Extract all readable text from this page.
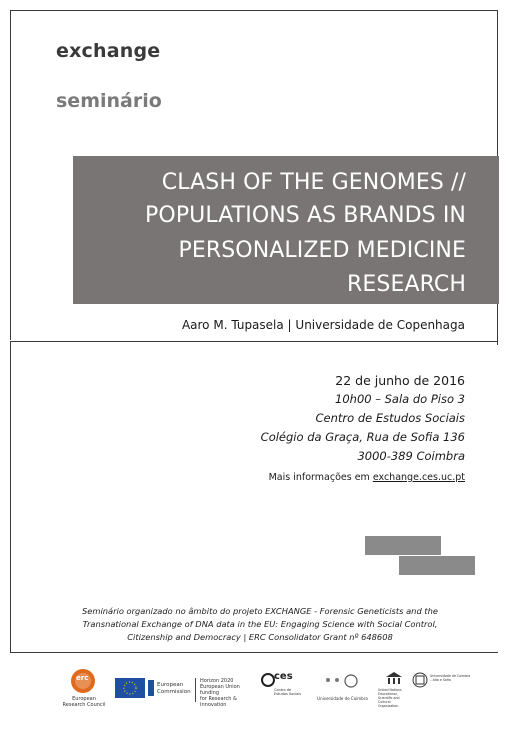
exchange
seminário
CLASH OF THE GENOMES //
POPULATIONS AS BRANDS IN
PERSONALIZED MEDICINE
RESEARCH
Aaro M. Tupasela | Universidade de Copenhaga
22 de junho de 2016
10h00 – Sala do Piso 3
Centro de Estudos Sociais
Colégio da Graça, Rua de Sofia 136
3000-389 Coimbra
Mais informações em exchange.ces.uc.pt
Seminário organizado no âmbito do projeto EXCHANGE - Forensic Geneticists and the
Transnational Exchange of DNA data in the EU: Engaging Science with Social Control,
Citizenship and Democracy | ERC Consolidator Grant nº 648608
erc
European Research Council
European
Commission
Horizon 2020
European Union funding
for Research & Innovation
ces
Centro de Estudos Sociais
Universidade de Coimbra
United Nations Educational, Scientific and Cultural Organization
Universidade de Coimbra – Alta e Sofia
